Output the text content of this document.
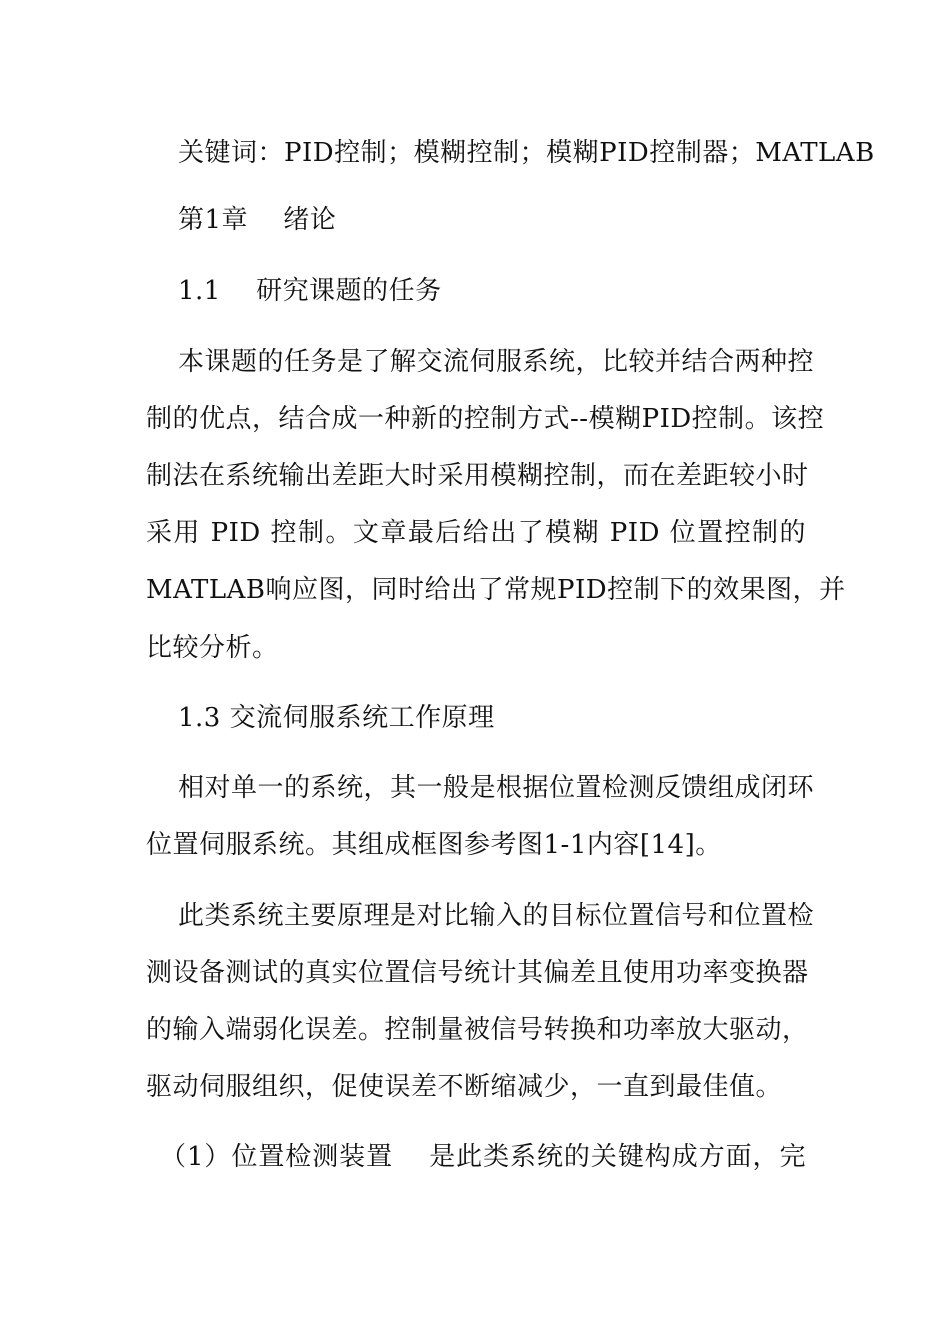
关键词：PID控制；模糊控制；模糊PID控制器；MATLAB
第1章　 绪论
1.1　 研究课题的任务
本课题的任务是了解交流伺服系统，比较并结合两种控
制的优点，结合成一种新的控制方式--模糊PID控制。该控
制法在系统输出差距大时采用模糊控制，而在差距较小时
采用 PID 控制。文章最后给出了模糊 PID 位置控制的
MATLAB响应图，同时给出了常规PID控制下的效果图，并
比较分析。
1.3 交流伺服系统工作原理
相对单一的系统，其一般是根据位置检测反馈组成闭环
位置伺服系统。其组成框图参考图1-1内容[14]。
此类系统主要原理是对比输入的目标位置信号和位置检
测设备测试的真实位置信号统计其偏差且使用功率变换器
的输入端弱化误差。控制量被信号转换和功率放大驱动，
驱动伺服组织，促使误差不断缩减少，一直到最佳值。
（1）位置检测装置　 是此类系统的关键构成方面，完
